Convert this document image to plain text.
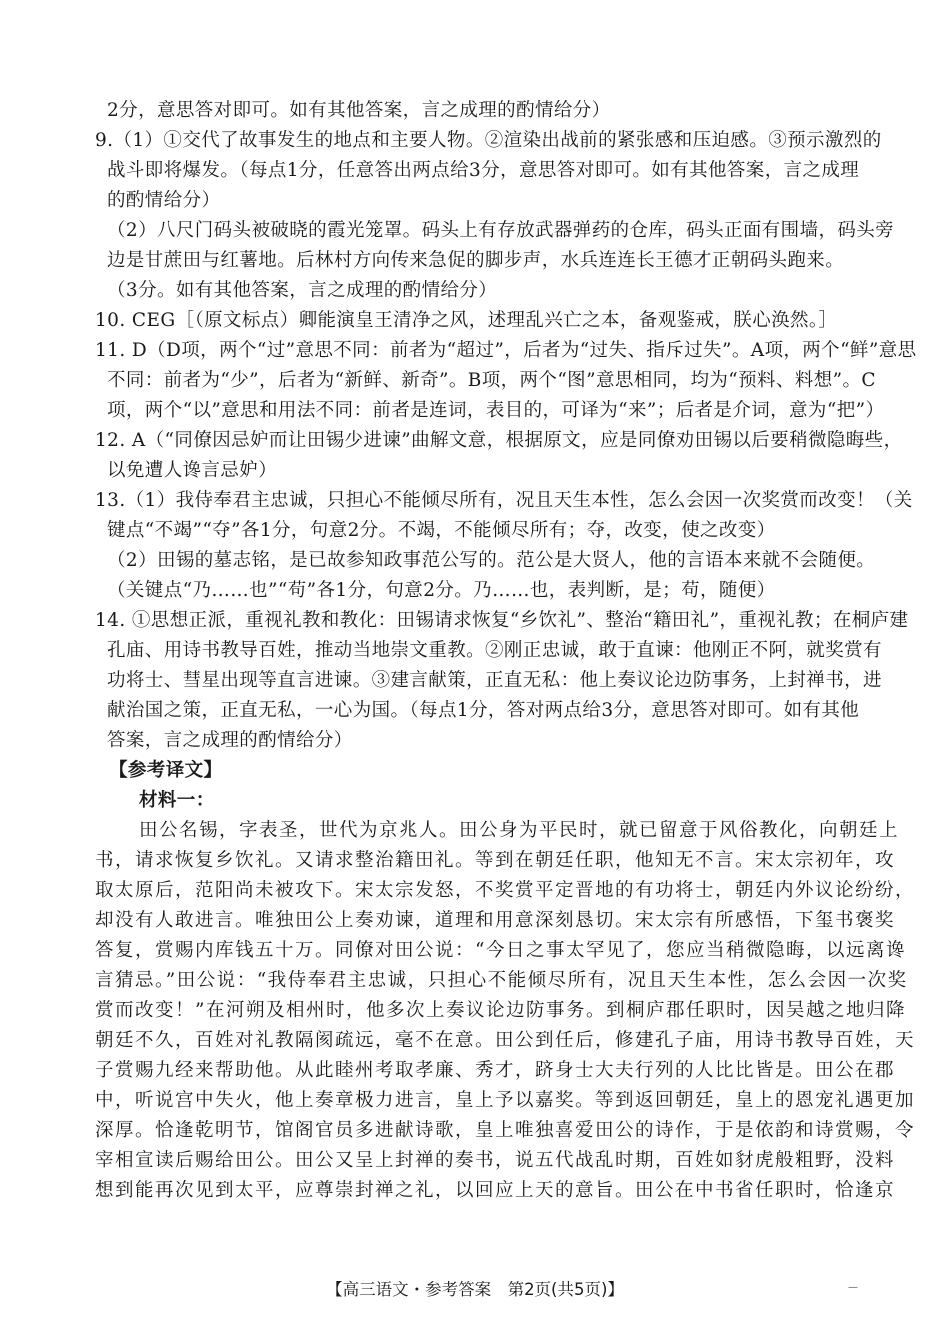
2分，意思答对即可。如有其他答案，言之成理的酌情给分）
9.（1）①交代了故事发生的地点和主要人物。②渲染出战前的紧张感和压迫感。③预示激烈的
战斗即将爆发。（每点1分，任意答出两点给3分，意思答对即可。如有其他答案，言之成理
的酌情给分）
（2）八尺门码头被破晓的霞光笼罩。码头上有存放武器弹药的仓库，码头正面有围墙，码头旁
边是甘蔗田与红薯地。后林村方向传来急促的脚步声，水兵连连长王德才正朝码头跑来。
（3分。如有其他答案，言之成理的酌情给分）
10. CEG［（原文标点）卿能演皇王清净之风，述理乱兴亡之本，备观鉴戒，朕心涣然。］
11. D（D项，两个“过”意思不同：前者为“超过”，后者为“过失、指斥过失”。A项，两个“鲜”意思
不同：前者为“少”，后者为“新鲜、新奇”。B项，两个“图”意思相同，均为“预料、料想”。C
项，两个“以”意思和用法不同：前者是连词，表目的，可译为“来”；后者是介词，意为“把”）
12. A（“同僚因忌妒而让田锡少进谏”曲解文意，根据原文，应是同僚劝田锡以后要稍微隐晦些，
以免遭人谗言忌妒）
13.（1）我侍奉君主忠诚，只担心不能倾尽所有，况且天生本性，怎么会因一次奖赏而改变！（关
键点“不竭”“夺”各1分，句意2分。不竭，不能倾尽所有；夺，改变，使之改变）
（2）田锡的墓志铭，是已故参知政事范公写的。范公是大贤人，他的言语本来就不会随便。
（关键点“乃……也”“苟”各1分，句意2分。乃……也，表判断，是；苟，随便）
14. ①思想正派，重视礼教和教化：田锡请求恢复“乡饮礼”、整治“籍田礼”，重视礼教；在桐庐建
孔庙、用诗书教导百姓，推动当地崇文重教。②刚正忠诚，敢于直谏：他刚正不阿，就奖赏有
功将士、彗星出现等直言进谏。③建言献策，正直无私：他上奏议论边防事务，上封禅书，进
献治国之策，正直无私，一心为国。（每点1分，答对两点给3分，意思答对即可。如有其他
答案，言之成理的酌情给分）
【参考译文】
材料一：
田公名锡，字表圣，世代为京兆人。田公身为平民时，就已留意于风俗教化，向朝廷上
书，请求恢复乡饮礼。又请求整治籍田礼。等到在朝廷任职，他知无不言。宋太宗初年，攻
取太原后，范阳尚未被攻下。宋太宗发怒，不奖赏平定晋地的有功将士，朝廷内外议论纷纷，
却没有人敢进言。唯独田公上奏劝谏，道理和用意深刻恳切。宋太宗有所感悟，下玺书褒奖
答复，赏赐内库钱五十万。同僚对田公说：“今日之事太罕见了，您应当稍微隐晦，以远离谗
言猜忌。”田公说：“我侍奉君主忠诚，只担心不能倾尽所有，况且天生本性，怎么会因一次奖
赏而改变！”在河朔及相州时，他多次上奏议论边防事务。到桐庐郡任职时，因吴越之地归降
朝廷不久，百姓对礼教隔阂疏远，毫不在意。田公到任后，修建孔子庙，用诗书教导百姓，天
子赏赐九经来帮助他。从此睦州考取孝廉、秀才，跻身士大夫行列的人比比皆是。田公在郡
中，听说宫中失火，他上奏章极力进言，皇上予以嘉奖。等到返回朝廷，皇上的恩宠礼遇更加
深厚。恰逢乾明节，馆阁官员多进献诗歌，皇上唯独喜爱田公的诗作，于是依韵和诗赏赐，令
宰相宣读后赐给田公。田公又呈上封禅的奏书，说五代战乱时期，百姓如豺虎般粗野，没料
想到能再次见到太平，应尊崇封禅之礼，以回应上天的意旨。田公在中书省任职时，恰逢京
【高三语文・参考答案　第2页(共5页)】	—
